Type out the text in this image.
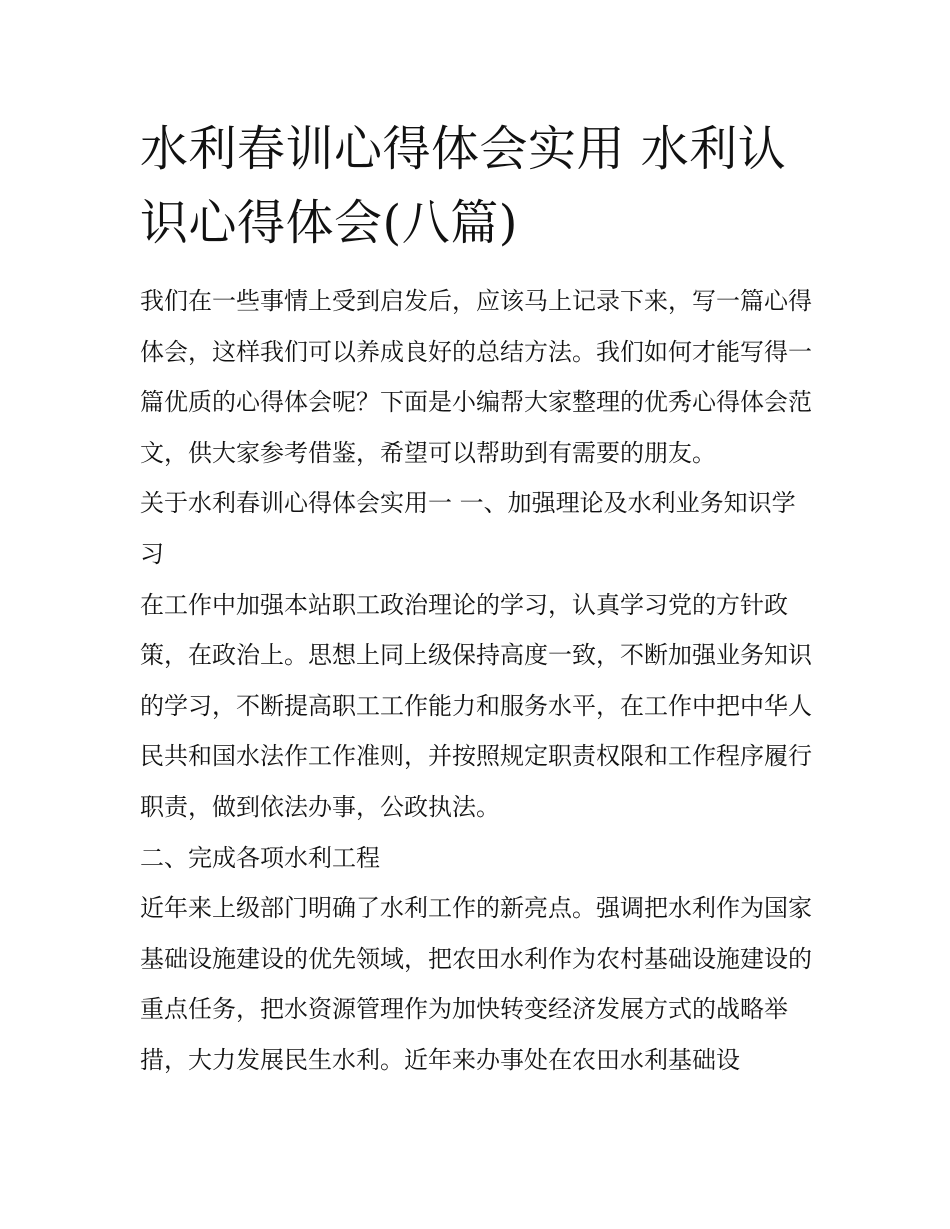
水利春训心得体会实用 水利认识心得体会(八篇)

我们在一些事情上受到启发后，应该马上记录下来，写一篇心得体会，这样我们可以养成良好的总结方法。我们如何才能写得一篇优质的心得体会呢？下面是小编帮大家整理的优秀心得体会范文，供大家参考借鉴，希望可以帮助到有需要的朋友。

关于水利春训心得体会实用一 一、加强理论及水利业务知识学习

在工作中加强本站职工政治理论的学习，认真学习党的方针政策，在政治上。思想上同上级保持高度一致，不断加强业务知识的学习，不断提高职工工作能力和服务水平，在工作中把中华人民共和国水法作工作准则，并按照规定职责权限和工作程序履行职责，做到依法办事，公政执法。

二、完成各项水利工程

近年来上级部门明确了水利工作的新亮点。强调把水利作为国家基础设施建设的优先领域，把农田水利作为农村基础设施建设的重点任务，把水资源管理作为加快转变经济发展方式的战略举措，大力发展民生水利。近年来办事处在农田水利基础设
